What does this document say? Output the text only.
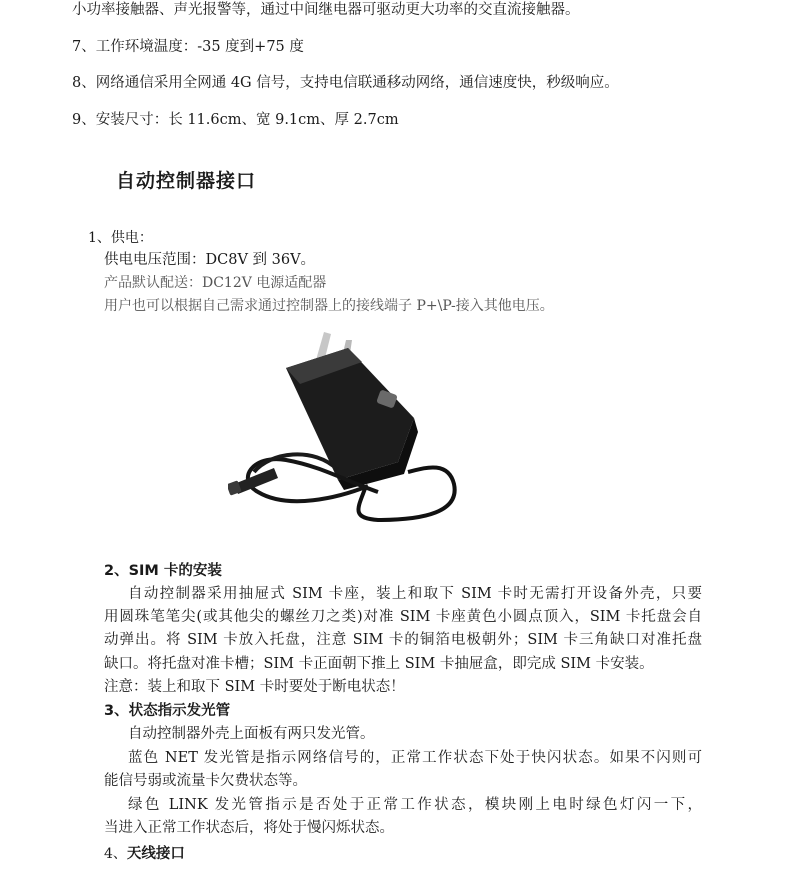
小功率接触器、声光报警等，通过中间继电器可驱动更大功率的交直流接触器。
7、工作环境温度：-35 度到+75 度
8、网络通信采用全网通 4G 信号，支持电信联通移动网络，通信速度快，秒级响应。
9、安装尺寸：长 11.6cm、宽 9.1cm、厚 2.7cm
自动控制器接口
1、供电：
供电电压范围：DC8V 到 36V。
产品默认配送：DC12V 电源适配器
用户也可以根据自己需求通过控制器上的接线端子 P+\P-接入其他电压。
2、SIM 卡的安装
自动控制器采用抽屉式 SIM 卡座，装上和取下 SIM 卡时无需打开设备外壳，只要
用圆珠笔笔尖(或其他尖的螺丝刀之类)对准 SIM 卡座黄色小圆点顶入，SIM 卡托盘会自
动弹出。将 SIM 卡放入托盘，注意 SIM 卡的铜箔电极朝外；SIM 卡三角缺口对准托盘
缺口。将托盘对准卡槽；SIM 卡正面朝下推上 SIM 卡抽屉盒，即完成 SIM 卡安装。
注意：装上和取下 SIM 卡时要处于断电状态！
3、状态指示发光管
自动控制器外壳上面板有两只发光管。
蓝色 NET 发光管是指示网络信号的，正常工作状态下处于快闪状态。如果不闪则可
能信号弱或流量卡欠费状态等。
绿色 LINK 发光管指示是否处于正常工作状态，模块刚上电时绿色灯闪一下，
当进入正常工作状态后，将处于慢闪烁状态。
4、天线接口
